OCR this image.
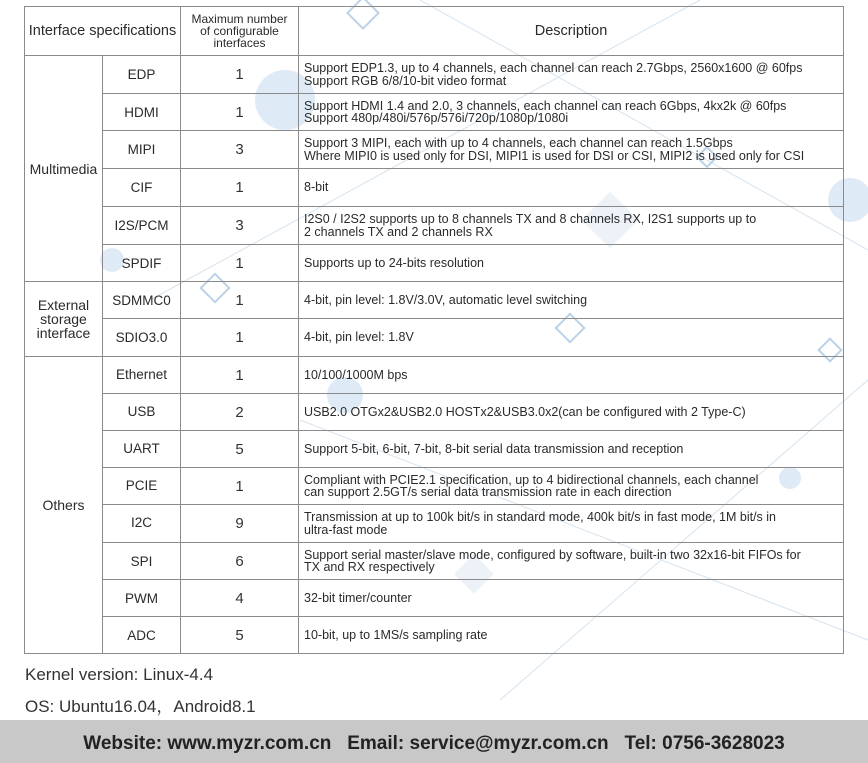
Interface specifications		Maximum number
of configurable
interfaces	Description
Multimedia	EDP	1	Support EDP1.3, up to 4 channels, each channel can reach 2.7Gbps, 2560x1600 @ 60fps
Support RGB 6/8/10-bit video format

	HDMI	1	Support HDMI 1.4 and 2.0, 3 channels, each channel can reach 6Gbps, 4kx2k @ 60fps
Support 480p/480i/576p/576i/720p/1080p/1080i

	MIPI	3	Support 3 MIPI, each with up to 4 channels, each channel can reach 1.5Gbps
Where MIPI0 is used only for DSI, MIPI1 is used for DSI or CSI, MIPI2 is used only for CSI

	CIF	1	8-bit
	I2S/PCM	3	I2S0 / I2S2 supports up to 8 channels TX and 8 channels RX, I2S1 supports up to
2 channels TX and 2 channels RX

	SPDIF	1	Supports up to 24-bits resolution

External
storage
interface	SDMMC0	1	4-bit, pin level: 1.8V/3.0V, automatic level switching
	SDIO3.0	1	4-bit, pin level: 1.8V
Others	Ethernet	1	10/100/1000M bps
	USB	2	USB2.0 OTGx2&USB2.0 HOSTx2&USB3.0x2(can be configured with 2 Type-C)
	UART	5	Support 5-bit, 6-bit, 7-bit, 8-bit serial data transmission and reception
	PCIE	1	Compliant with PCIE2.1 specification, up to 4 bidirectional channels, each channel
can support 2.5GT/s serial data transmission rate in each direction

	I2C	9	Transmission at up to 100k bit/s in standard mode, 400k bit/s in fast mode, 1M bit/s in
ultra-fast mode

	SPI	6	Support serial master/slave mode, configured by software, built-in two 32x16-bit FIFOs for
TX and RX respectively

	PWM	4	32-bit timer/counter
	ADC	5	10-bit, up to 1MS/s sampling rate
Kernel version: Linux-4.4
OS: Ubuntu16.04，Android8.1
Website: www.myzr.com.cn   Email: service@myzr.com.cn   Tel: 0756-3628023
